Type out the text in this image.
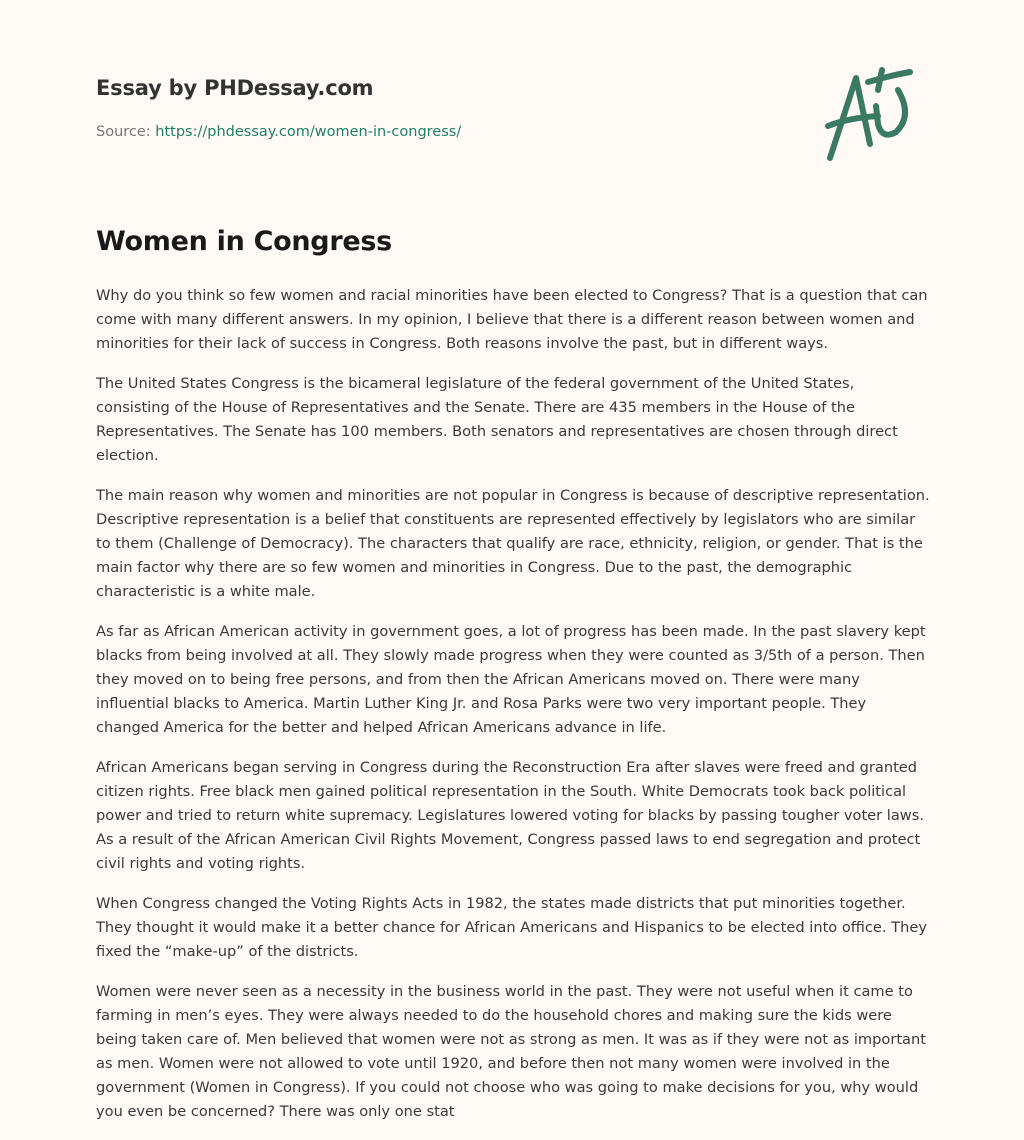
Essay by PHDessay.com
Source: https://phdessay.com/women-in-congress/
Women in Congress

Why do you think so few women and racial minorities have been elected to Congress? That is a question that can come with many different answers. In my opinion, I believe that there is a different reason between women and minorities for their lack of success in Congress. Both reasons involve the past, but in different ways.

The United States Congress is the bicameral legislature of the federal government of the United States, consisting of the House of Representatives and the Senate. There are 435 members in the House of the Representatives. The Senate has 100 members. Both senators and representatives are chosen through direct election.

The main reason why women and minorities are not popular in Congress is because of descriptive representation. Descriptive representation is a belief that constituents are represented effectively by legislators who are similar to them (Challenge of Democracy). The characters that qualify are race, ethnicity, religion, or gender. That is the main factor why there are so few women and minorities in Congress. Due to the past, the demographic characteristic is a white male.

As far as African American activity in government goes, a lot of progress has been made. In the past slavery kept blacks from being involved at all. They slowly made progress when they were counted as 3/5th of a person. Then they moved on to being free persons, and from then the African Americans moved on. There were many influential blacks to America. Martin Luther King Jr. and Rosa Parks were two very important people. They changed America for the better and helped African Americans advance in life.

African Americans began serving in Congress during the Reconstruction Era after slaves were freed and granted citizen rights. Free black men gained political representation in the South. White Democrats took back political power and tried to return white supremacy. Legislatures lowered voting for blacks by passing tougher voter laws. As a result of the African American Civil Rights Movement, Congress passed laws to end segregation and protect civil rights and voting rights.

When Congress changed the Voting Rights Acts in 1982, the states made districts that put minorities together. They thought it would make it a better chance for African Americans and Hispanics to be elected into office. They fixed the “make-up” of the districts.

Women were never seen as a necessity in the business world in the past. They were not useful when it came to farming in men’s eyes. They were always needed to do the household chores and making sure the kids were being taken care of. Men believed that women were not as strong as men. It was as if they were not as important as men. Women were not allowed to vote until 1920, and before then not many women were involved in the government (Women in Congress). If you could not choose who was going to make decisions for you, why would you even be concerned? There was only one stat
